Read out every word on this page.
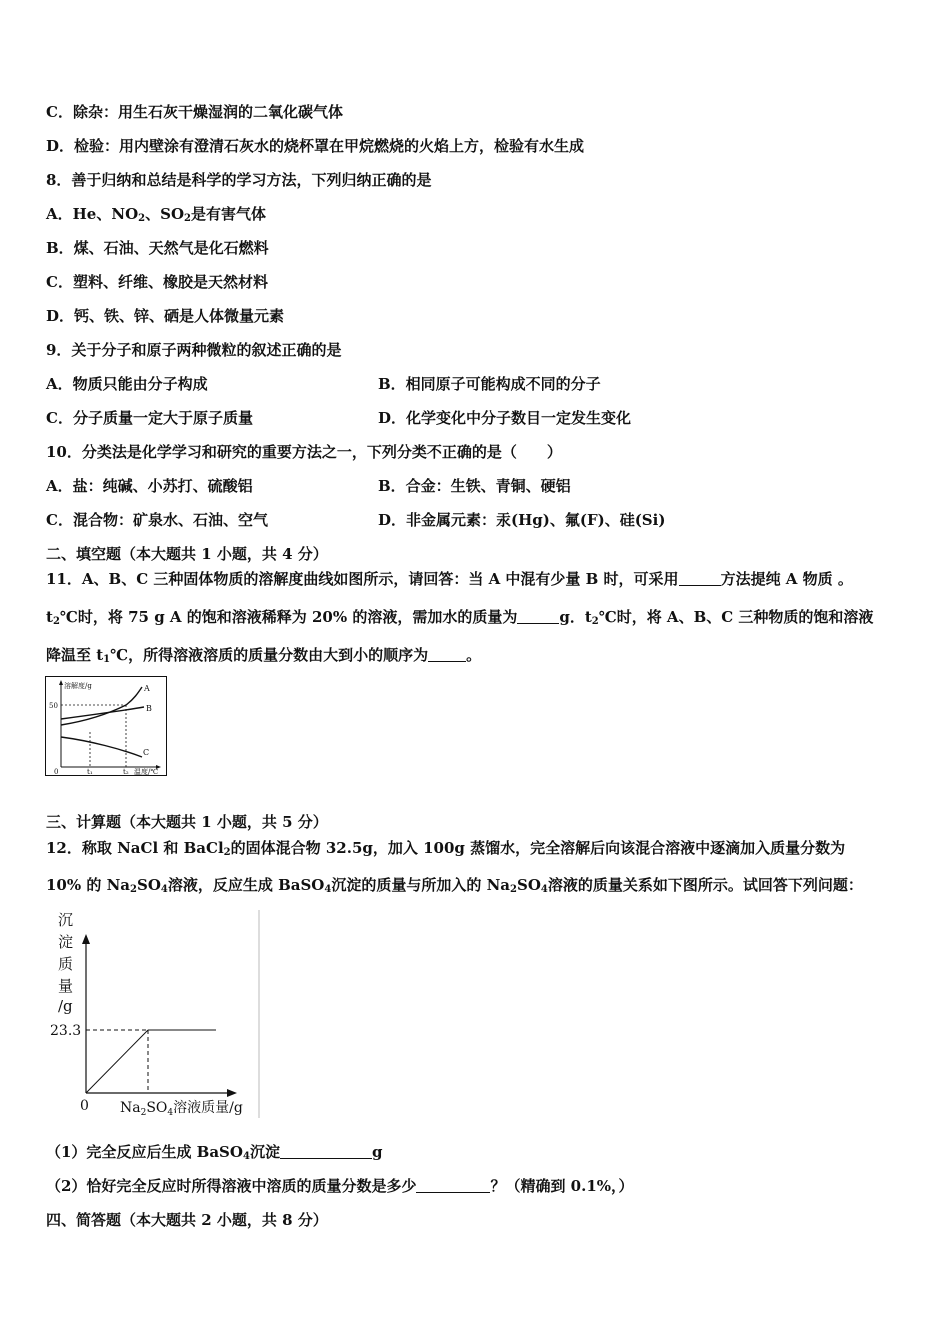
C．除杂：用生石灰干燥湿润的二氧化碳气体
D．检验：用内壁涂有澄清石灰水的烧杯罩在甲烷燃烧的火焰上方，检验有水生成
8．善于归纳和总结是科学的学习方法，下列归纳正确的是
A．He、$NO_2$、$SO_2$是有害气体
B．煤、石油、天然气是化石燃料
C．塑料、纤维、橡胶是天然材料
D．钙、铁、锌、硒是人体微量元素
9．关于分子和原子两种微粒的叙述正确的是
A．物质只能由分子构成	B．相同原子可能构成不同的分子
C．分子质量一定大于原子质量	D．化学变化中分子数目一定发生变化
10．分类法是化学学习和研究的重要方法之一，下列分类不正确的是（　　）
A．盐：纯碱、小苏打、硫酸铝	B．合金：生铁、青铜、硬铝
C．混合物：矿泉水、石油、空气	D．非金属元素：汞(Hg)、氟(F)、硅(Si)
二、填空题（本大题共 1 小题，共 4 分）
11．A、B、C 三种固体物质的溶解度曲线如图所示，请回答：当 A 中混有少量 B 时，可采用	方法提纯 A 物质 。
$t_2℃$时，将 75 g A 的饱和溶液稀释为 20% 的溶液，需加水的质量为	g．$t_2℃$时，将 A、B、C 三种物质的饱和溶液
降温至 $t_1℃$，所得溶液溶质的质量分数由大到小的顺序为	。
溶解度/g
50
0	t₁	t₂ 温度/℃
A
B
C
三、计算题（本大题共 1 小题，共 5 分）
12．称取 NaCl 和 BaCl$_2$的固体混合物 32.5g，加入 100g 蒸馏水，完全溶解后向该混合溶液中逐滴加入质量分数为
10% 的 $Na_2SO_4$溶液，反应生成 BaSO$_4$沉淀的质量与所加入的 $Na_2SO_4$溶液的质量关系如下图所示。试回答下列问题：
沉
淀
质
量
/g
23.3
0 $Na_2SO_4$溶液质量/g
（1）完全反应后生成 BaSO$_4$沉淀	g
（2）恰好完全反应时所得溶液中溶质的质量分数是多少	？（精确到 0.1%，）
四、简答题（本大题共 2 小题，共 8 分）
